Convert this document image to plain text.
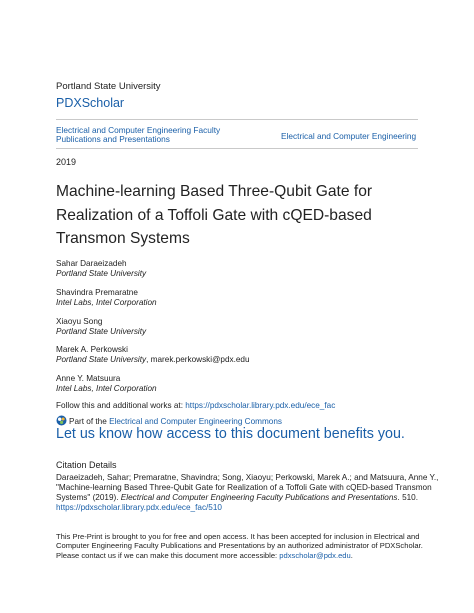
Portland State University
PDXScholar
Electrical and Computer Engineering Faculty
Publications and Presentations	Electrical and Computer Engineering
2019
Machine-learning Based Three-Qubit Gate for
Realization of a Toffoli Gate with cQED-based
Transmon Systems
Sahar Daraeizadeh
Portland State University
Shavindra Premaratne
Intel Labs, Intel Corporation
Xiaoyu Song
Portland State University
Marek A. Perkowski
Portland State University, marek.perkowski@pdx.edu
Anne Y. Matsuura
Intel Labs, Intel Corporation
Follow this and additional works at: https://pdxscholar.library.pdx.edu/ece_fac
Part of the Electrical and Computer Engineering Commons
Let us know how access to this document benefits you.
Citation Details
Daraeizadeh, Sahar; Premaratne, Shavindra; Song, Xiaoyu; Perkowski, Marek A.; and Matsuura, Anne Y.,
"Machine-learning Based Three-Qubit Gate for Realization of a Toffoli Gate with cQED-based Transmon
Systems" (2019). Electrical and Computer Engineering Faculty Publications and Presentations. 510.
https://pdxscholar.library.pdx.edu/ece_fac/510
This Pre-Print is brought to you for free and open access. It has been accepted for inclusion in Electrical and
Computer Engineering Faculty Publications and Presentations by an authorized administrator of PDXScholar.
Please contact us if we can make this document more accessible: pdxscholar@pdx.edu.
